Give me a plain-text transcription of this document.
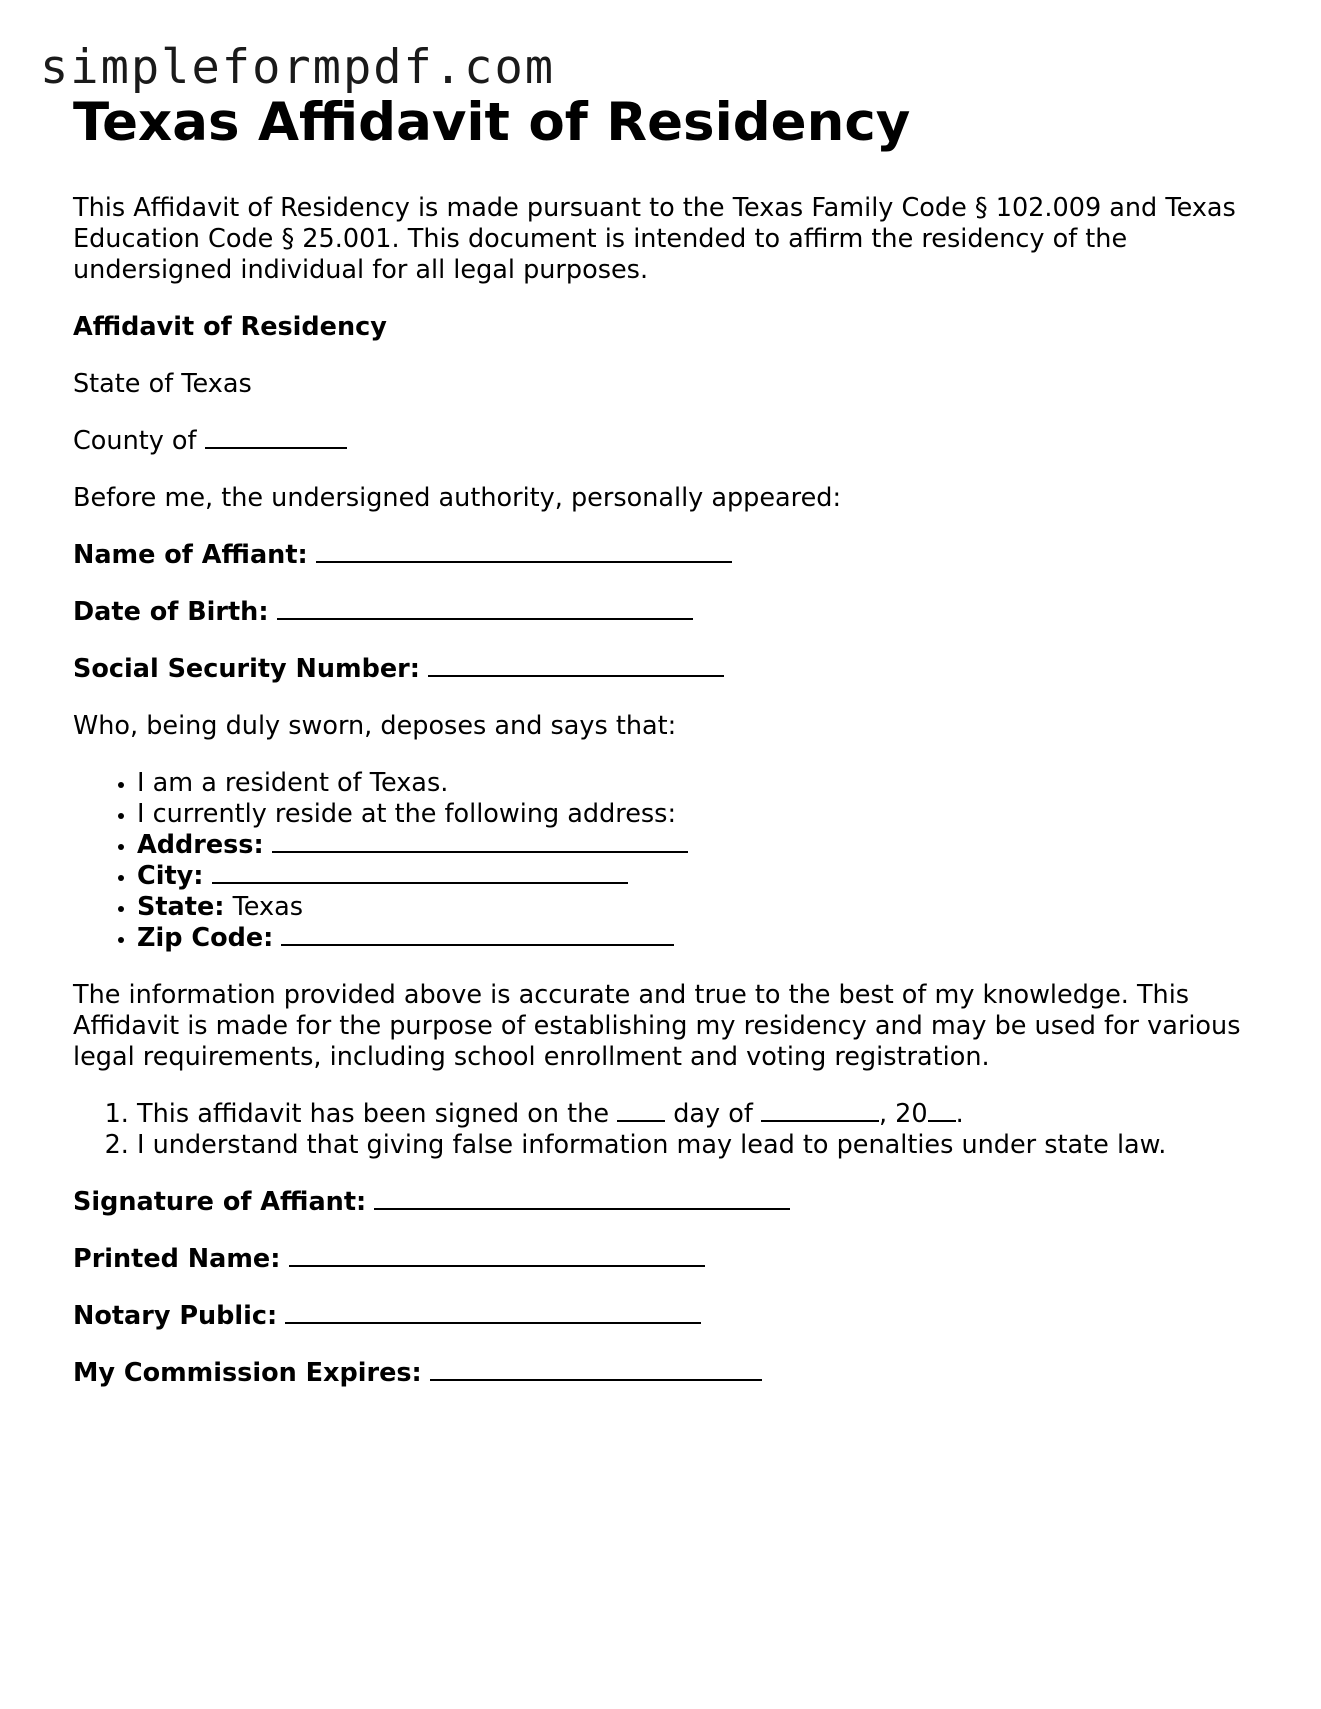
simpleformpdf.com
Texas Affidavit of Residency

This Affidavit of Residency is made pursuant to the Texas Family Code § 102.009 and Texas Education Code § 25.001. This document is intended to affirm the residency of the undersigned individual for all legal purposes.

Affidavit of Residency

State of Texas

County of

Before me, the undersigned authority, personally appeared:

Name of Affiant:

Date of Birth:

Social Security Number:

Who, being duly sworn, deposes and says that:

• I am a resident of Texas.
• I currently reside at the following address:
• Address:
• City:
• State: Texas
• Zip Code:

The information provided above is accurate and true to the best of my knowledge. This Affidavit is made for the purpose of establishing my residency and may be used for various legal requirements, including school enrollment and voting registration.

1. This affidavit has been signed on the	day of	, 20 .
2. I understand that giving false information may lead to penalties under state law.

Signature of Affiant:

Printed Name:

Notary Public:

My Commission Expires:
